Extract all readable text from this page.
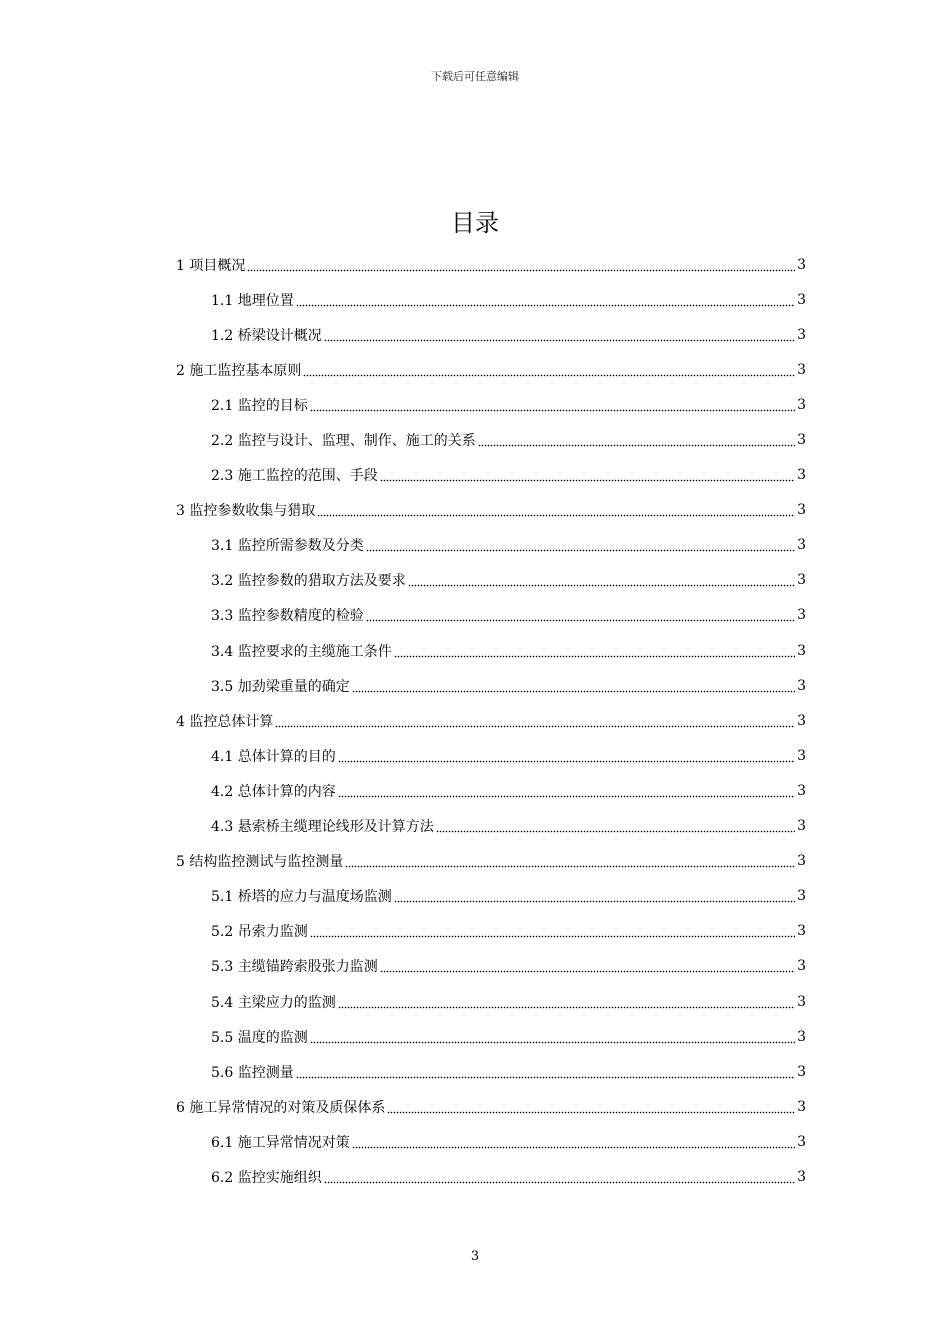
下载后可任意编辑
目录
1 项目概况	3
1.1 地理位置	3
1.2 桥梁设计概况	3
2 施工监控基本原则	3
2.1 监控的目标	3
2.2 监控与设计、监理、制作、施工的关系	3
2.3 施工监控的范围、手段	3
3 监控参数收集与猎取	3
3.1 监控所需参数及分类	3
3.2 监控参数的猎取方法及要求	3
3.3 监控参数精度的检验	3
3.4 监控要求的主缆施工条件	3
3.5 加劲梁重量的确定	3
4 监控总体计算	3
4.1 总体计算的目的	3
4.2 总体计算的内容	3
4.3 悬索桥主缆理论线形及计算方法	3
5 结构监控测试与监控测量	3
5.1 桥塔的应力与温度场监测	3
5.2 吊索力监测	3
5.3 主缆锚跨索股张力监测	3
5.4 主梁应力的监测	3
5.5 温度的监测	3
5.6 监控测量	3
6 施工异常情况的对策及质保体系	3
6.1 施工异常情况对策	3
6.2 监控实施组织	3
3
